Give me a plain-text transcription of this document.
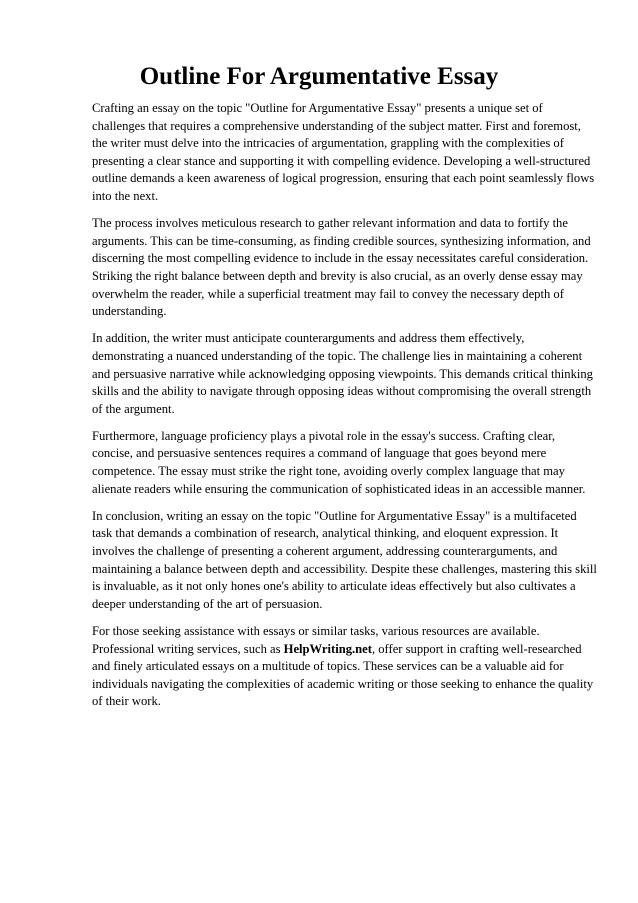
Outline For Argumentative Essay

Crafting an essay on the topic "Outline for Argumentative Essay" presents a unique set of challenges that requires a comprehensive understanding of the subject matter. First and foremost, the writer must delve into the intricacies of argumentation, grappling with the complexities of presenting a clear stance and supporting it with compelling evidence. Developing a well-structured outline demands a keen awareness of logical progression, ensuring that each point seamlessly flows into the next.

The process involves meticulous research to gather relevant information and data to fortify the arguments. This can be time-consuming, as finding credible sources, synthesizing information, and discerning the most compelling evidence to include in the essay necessitates careful consideration. Striking the right balance between depth and brevity is also crucial, as an overly dense essay may overwhelm the reader, while a superficial treatment may fail to convey the necessary depth of understanding.

In addition, the writer must anticipate counterarguments and address them effectively, demonstrating a nuanced understanding of the topic. The challenge lies in maintaining a coherent and persuasive narrative while acknowledging opposing viewpoints. This demands critical thinking skills and the ability to navigate through opposing ideas without compromising the overall strength of the argument.

Furthermore, language proficiency plays a pivotal role in the essay's success. Crafting clear, concise, and persuasive sentences requires a command of language that goes beyond mere competence. The essay must strike the right tone, avoiding overly complex language that may alienate readers while ensuring the communication of sophisticated ideas in an accessible manner.

In conclusion, writing an essay on the topic "Outline for Argumentative Essay" is a multifaceted task that demands a combination of research, analytical thinking, and eloquent expression. It involves the challenge of presenting a coherent argument, addressing counterarguments, and maintaining a balance between depth and accessibility. Despite these challenges, mastering this skill is invaluable, as it not only hones one's ability to articulate ideas effectively but also cultivates a deeper understanding of the art of persuasion.

For those seeking assistance with essays or similar tasks, various resources are available. Professional writing services, such as HelpWriting.net, offer support in crafting well-researched and finely articulated essays on a multitude of topics. These services can be a valuable aid for individuals navigating the complexities of academic writing or those seeking to enhance the quality of their work.
